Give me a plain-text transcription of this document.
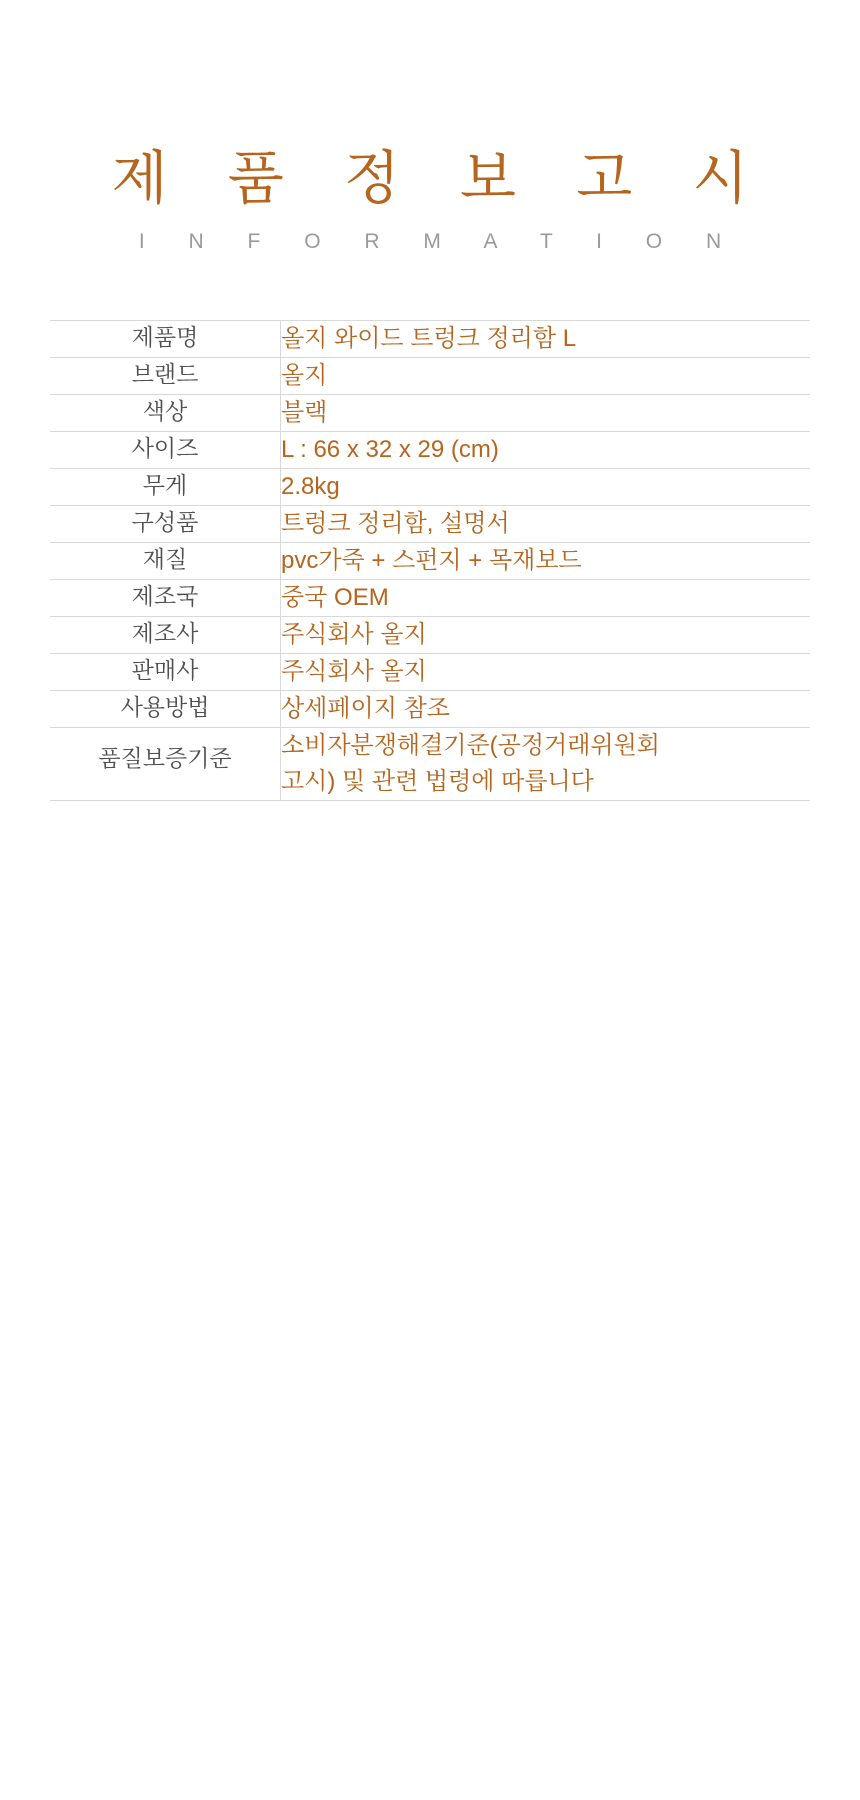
제 품 정 보 고 시
I N F O R M A T I O N
제품명	올지 와이드 트렁크 정리함 L
브랜드	올지
색상	블랙
사이즈	L : 66 x 32 x 29 (cm)
무게	2.8kg
구성품	트렁크 정리함, 설명서
재질	pvc가죽 + 스펀지 + 목재보드
제조국	중국 OEM
제조사	주식회사 올지
판매사	주식회사 올지
사용방법	상세페이지 참조
품질보증기준	소비자분쟁해결기준(공정거래위원회
고시) 및 관련 법령에 따릅니다
